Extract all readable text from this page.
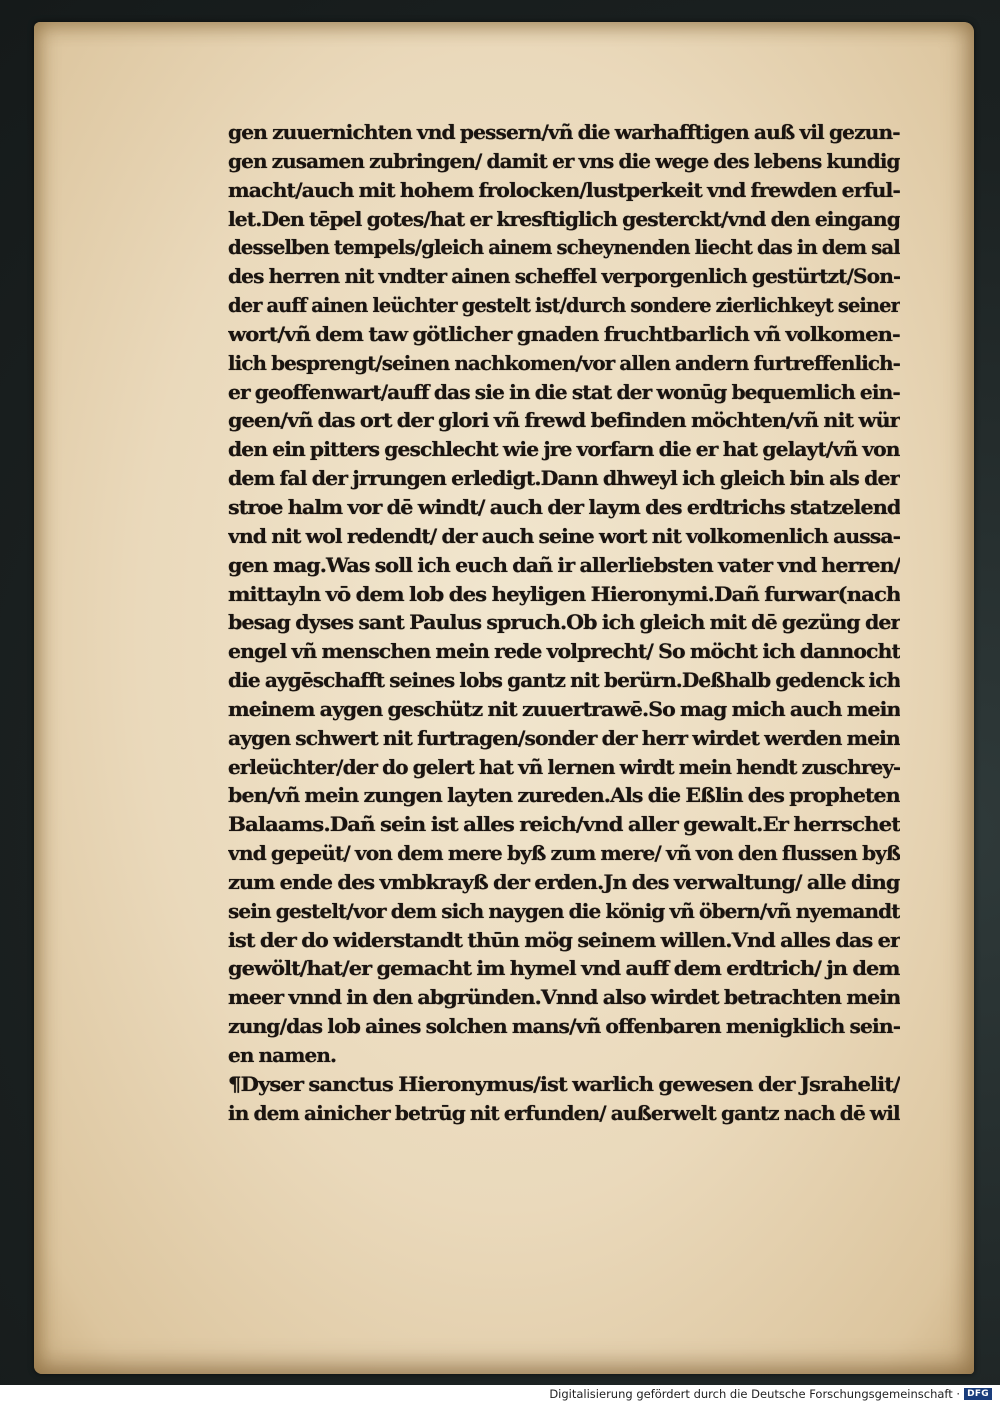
gen zuuernichten vnd pessern/vñ die warhafftigen auß vil gezun-
gen zusamen zubringen/ damit er vns die wege des lebens kundig
macht/auch mit hohem frolocken/lustperkeit vnd frewden erful-
let.Den tēpel gotes/hat er kresftiglich gesterckt/vnd den eingang
desselben tempels/gleich ainem scheynenden liecht das in dem sal
des herren nit vndter ainen scheffel verporgenlich gestürtzt/Son-
der auff ainen leüchter gestelt ist/durch sondere zierlichkeyt seiner
wort/vñ dem taw götlicher gnaden fruchtbarlich vñ volkomen-
lich besprengt/seinen nachkomen/vor allen andern furtreffenlich-
er geoffenwart/auff das sie in die stat der wonūg bequemlich ein-
geen/vñ das ort der glori vñ frewd befinden möchten/vñ nit wür
den ein pitters geschlecht wie jre vorfarn die er hat gelayt/vñ von
dem fal der jrrungen erledigt.Dann dhweyl ich gleich bin als der
stroe halm vor dē windt/ auch der laym des erdtrichs statzelend
vnd nit wol redendt/ der auch seine wort nit volkomenlich aussa-
gen mag.Was soll ich euch dañ ir allerliebsten vater vnd herren/
mittayln vō dem lob des heyligen Hieronymi.Dañ furwar(nach
besag dyses sant Paulus spruch.Ob ich gleich mit dē gezüng der
engel vñ menschen mein rede volprecht/ So möcht ich dannocht
die aygēschafft seines lobs gantz nit berürn.Deßhalb gedenck ich
meinem aygen geschütz nit zuuertrawē.So mag mich auch mein
aygen schwert nit furtragen/sonder der herr wirdet werden mein
erleüchter/der do gelert hat vñ lernen wirdt mein hendt zuschrey-
ben/vñ mein zungen layten zureden.Als die Eßlin des propheten
Balaams.Dañ sein ist alles reich/vnd aller gewalt.Er herrschet
vnd gepeüt/ von dem mere byß zum mere/ vñ von den flussen byß
zum ende des vmbkrayß der erden.Jn des verwaltung/ alle ding
sein gestelt/vor dem sich naygen die könig vñ öbern/vñ nyemandt
ist der do widerstandt thūn mög seinem willen.Vnd alles das er
gewölt/hat/er gemacht im hymel vnd auff dem erdtrich/ jn dem
meer vnnd in den abgründen.Vnnd also wirdet betrachten mein
zung/das lob aines solchen mans/vñ offenbaren menigklich sein-
en namen.
¶Dyser sanctus Hieronymus/ist warlich gewesen der Jsrahelit/
in dem ainicher betrūg nit erfunden/ außerwelt gantz nach dē wil
Digitalisierung gefördert durch die Deutsche Forschungsgemeinschaft · DFG
